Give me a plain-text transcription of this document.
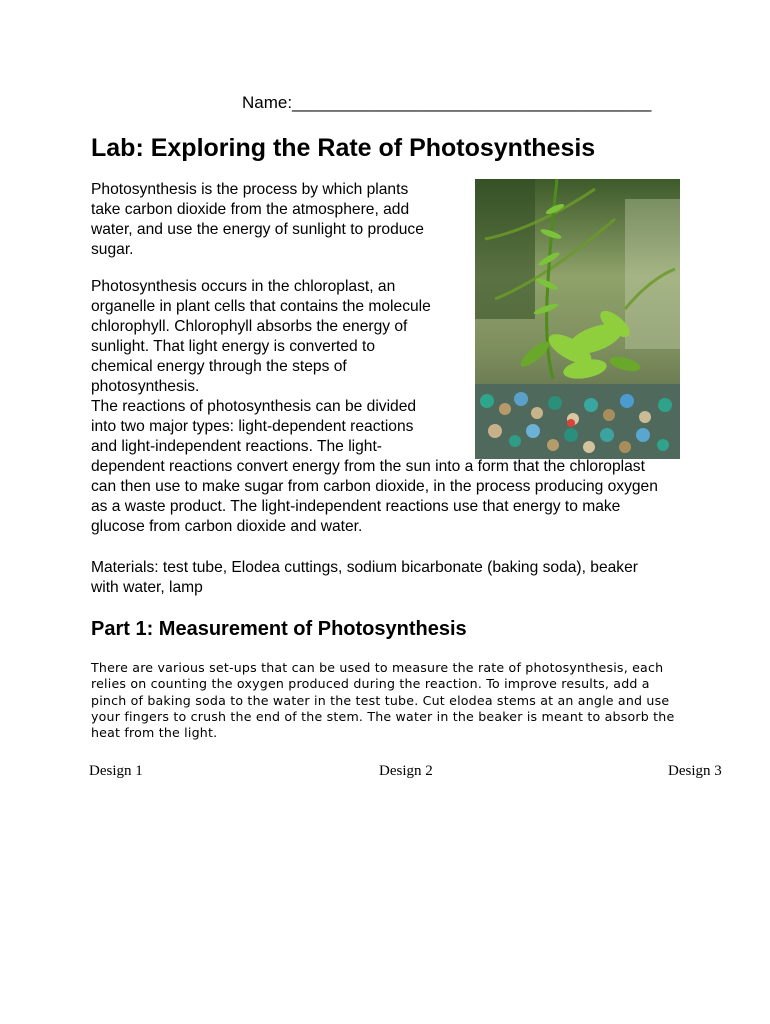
Name:______________________________________
Lab: Exploring the Rate of Photosynthesis

Photosynthesis is the process by which plants take carbon dioxide from the atmosphere, add water, and use the energy of sunlight to produce sugar.

Photosynthesis occurs in the chloroplast, an organelle in plant cells that contains the molecule chlorophyll. Chlorophyll absorbs the energy of sunlight. That light energy is converted to chemical energy through the steps of photosynthesis.

The reactions of photosynthesis can be divided into two major types: light-dependent reactions and light-independent reactions. The light-dependent reactions convert energy from the sun into a form that the chloroplast can then use to make sugar from carbon dioxide, in the process producing oxygen as a waste product. The light-independent reactions use that energy to make glucose from carbon dioxide and water.

Materials: test tube, Elodea cuttings, sodium bicarbonate (baking soda), beaker with water, lamp

Part 1: Measurement of Photosynthesis

There are various set-ups that can be used to measure the rate of photosynthesis, each relies on counting the oxygen produced during the reaction. To improve results, add a pinch of baking soda to the water in the test tube. Cut elodea stems at an angle and use your fingers to crush the end of the stem. The water in the beaker is meant to absorb the heat from the light.

Design 1	Design 2	Design 3
